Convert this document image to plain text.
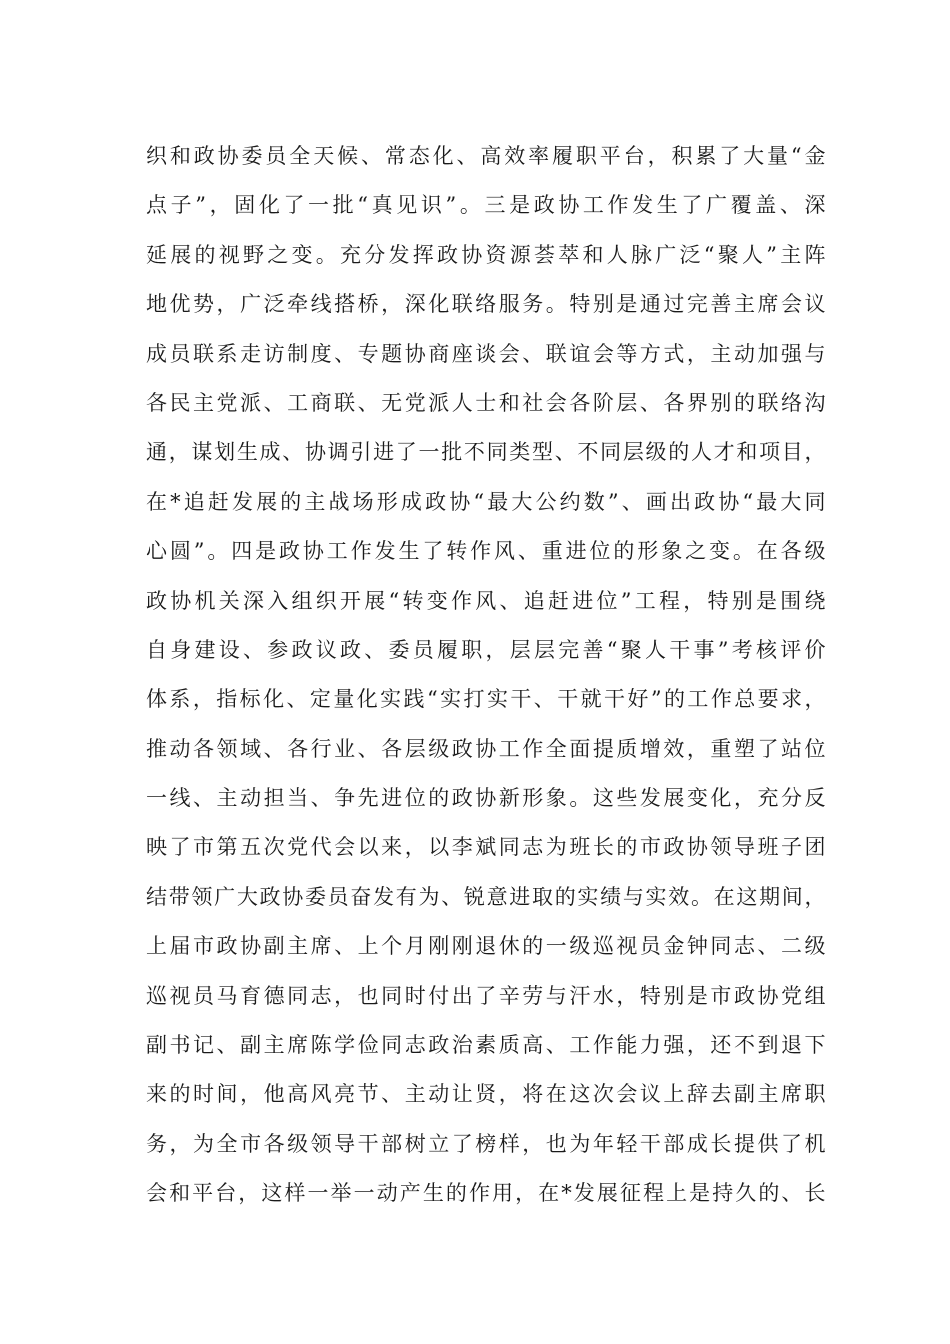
织和政协委员全天候、常态化、高效率履职平台，积累了大量“金
点子”，固化了一批“真见识”。三是政协工作发生了广覆盖、深
延展的视野之变。充分发挥政协资源荟萃和人脉广泛“聚人”主阵
地优势，广泛牵线搭桥，深化联络服务。特别是通过完善主席会议
成员联系走访制度、专题协商座谈会、联谊会等方式，主动加强与
各民主党派、工商联、无党派人士和社会各阶层、各界别的联络沟
通，谋划生成、协调引进了一批不同类型、不同层级的人才和项目，
在*追赶发展的主战场形成政协“最大公约数”、画出政协“最大同
心圆”。四是政协工作发生了转作风、重进位的形象之变。在各级
政协机关深入组织开展“转变作风、追赶进位”工程，特别是围绕
自身建设、参政议政、委员履职，层层完善“聚人干事”考核评价
体系，指标化、定量化实践“实打实干、干就干好”的工作总要求，
推动各领域、各行业、各层级政协工作全面提质增效，重塑了站位
一线、主动担当、争先进位的政协新形象。这些发展变化，充分反
映了市第五次党代会以来，以李斌同志为班长的市政协领导班子团
结带领广大政协委员奋发有为、锐意进取的实绩与实效。在这期间，
上届市政协副主席、上个月刚刚退休的一级巡视员金钟同志、二级
巡视员马育德同志，也同时付出了辛劳与汗水，特别是市政协党组
副书记、副主席陈学俭同志政治素质高、工作能力强，还不到退下
来的时间，他高风亮节、主动让贤，将在这次会议上辞去副主席职
务，为全市各级领导干部树立了榜样，也为年轻干部成长提供了机
会和平台，这样一举一动产生的作用，在*发展征程上是持久的、长
